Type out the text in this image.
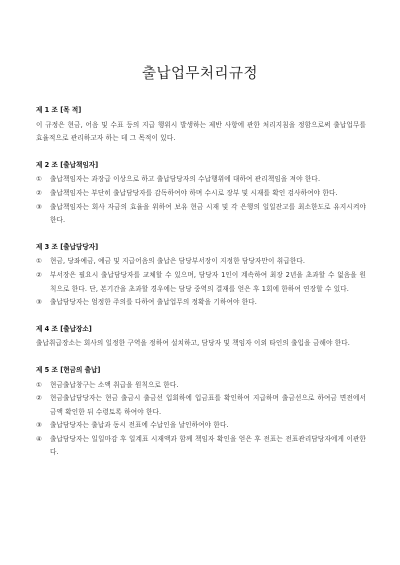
출납업무처리규정
제 1 조 [목 적]
이 규정은 현금, 어음 및 수표 등의 지급 행위시 발생하는 제반 사항에 관한 처리지침을 정함으로써 출납업무를 효율적으로 관리하고자 하는 데 그 목적이 있다.
제 2 조 [출납책임자]
①	출납책임자는 과장급 이상으로 하고 출납담당자의 수납행위에 대하여 관리책임을 져야 한다.
②	출납책임자는 부단히 출납담당자를 감독하여야 하며 수시로 장부 및 시재를 확인 검사하여야 한다.
③	출납책임자는 회사 자금의 효율을 위하여 보유 현금 시재 및 각 은행의 일일잔고를 최소한도로 유지시켜야 한다.
제 3 조 [출납담당자]
①	현금, 당좌예금, 예금 및 지급어음의 출납은 담당부서장이 지정한 담당자만이 취급한다.
②	부서장은 필요시 출납담당자를 교체할 수 있으며, 담당자 1인이 계속하여 최장 2년을 초과할 수 없음을 원칙으로 한다. 단, 본기간을 초과할 경우에는 담당 중역의 결재를 얻은 후 1회에 한하여 연장할 수 있다.
③	출납담당자는 엄정한 주의를 다하여 출납업무의 정확을 기하여야 한다.
제 4 조 [출납장소]
출납취급장소는 회사의 일정한 구역을 정하여 설치하고, 담당자 및 책임자 이외 타인의 출입을 금해야 한다.
제 5 조 [현금의 출납]
①	현금출납창구는 소액 취급을 원칙으로 한다.
②	현금출납담당자는 현금 출금시 출금선 입회하에 입금표를 확인하여 지급하며 출금선으로 하여금 면전에서 금액 확인한 뒤 수령토록 하여야 한다.
③	출납담당자는 출납과 동시 전표에 수납인을 날인하여야 한다.
④	출납담당자는 일일마감 후 일계표 시재액과 함께 책임자 확인을 얻은 후 전표는 전표관리담당자에게 이관한다.
